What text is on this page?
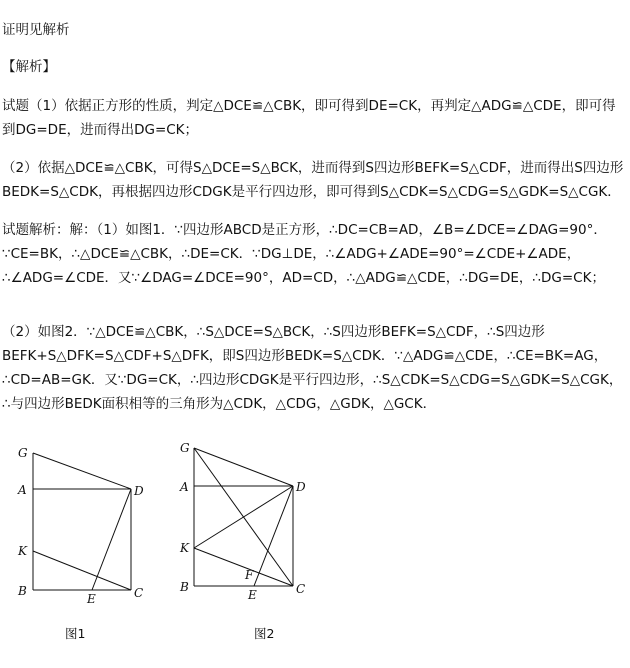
证明见解析
【解析】
试题（1）依据正方形的性质，判定△DCE≌△CBK，即可得到DE=CK，再判定△ADG≌△CDE，即可得到DG=DE，进而得出DG=CK；
（2）依据△DCE≌△CBK，可得S△DCE=S△BCK，进而得到S四边形BEFK=S△CDF，进而得出S四边形BEDK=S△CDK，再根据四边形CDGK是平行四边形，即可得到S△CDK=S△CDG=S△GDK=S△CGK．
试题解析：解：（1）如图1．∵四边形ABCD是正方形，∴DC=CB=AD，∠B=∠DCE=∠DAG=90°．∵CE=BK，∴△DCE≌△CBK，∴DE=CK．∵DG⊥DE，∴∠ADG+∠ADE=90°=∠CDE+∠ADE，∴∠ADG=∠CDE．又∵∠DAG=∠DCE=90°，AD=CD，∴△ADG≌△CDE，∴DG=DE，∴DG=CK；
（2）如图2．∵△DCE≌△CBK，∴S△DCE=S△BCK，∴S四边形BEFK=S△CDF，∴S四边形BEFK+S△DFK=S△CDF+S△DFK，即S四边形BEDK=S△CDK．∵△ADG≌△CDE，∴CE=BK=AG，∴CD=AB=GK．又∵DG=CK，∴四边形CDGK是平行四边形，∴S△CDK=S△CDG=S△GDK=S△CGK，∴与四边形BEDK面积相等的三角形为△CDK，△CDG，△GDK，△GCK．
G
A	D
K
B
E	C
图1
G
A	D
K
F
B
E	C
图2
